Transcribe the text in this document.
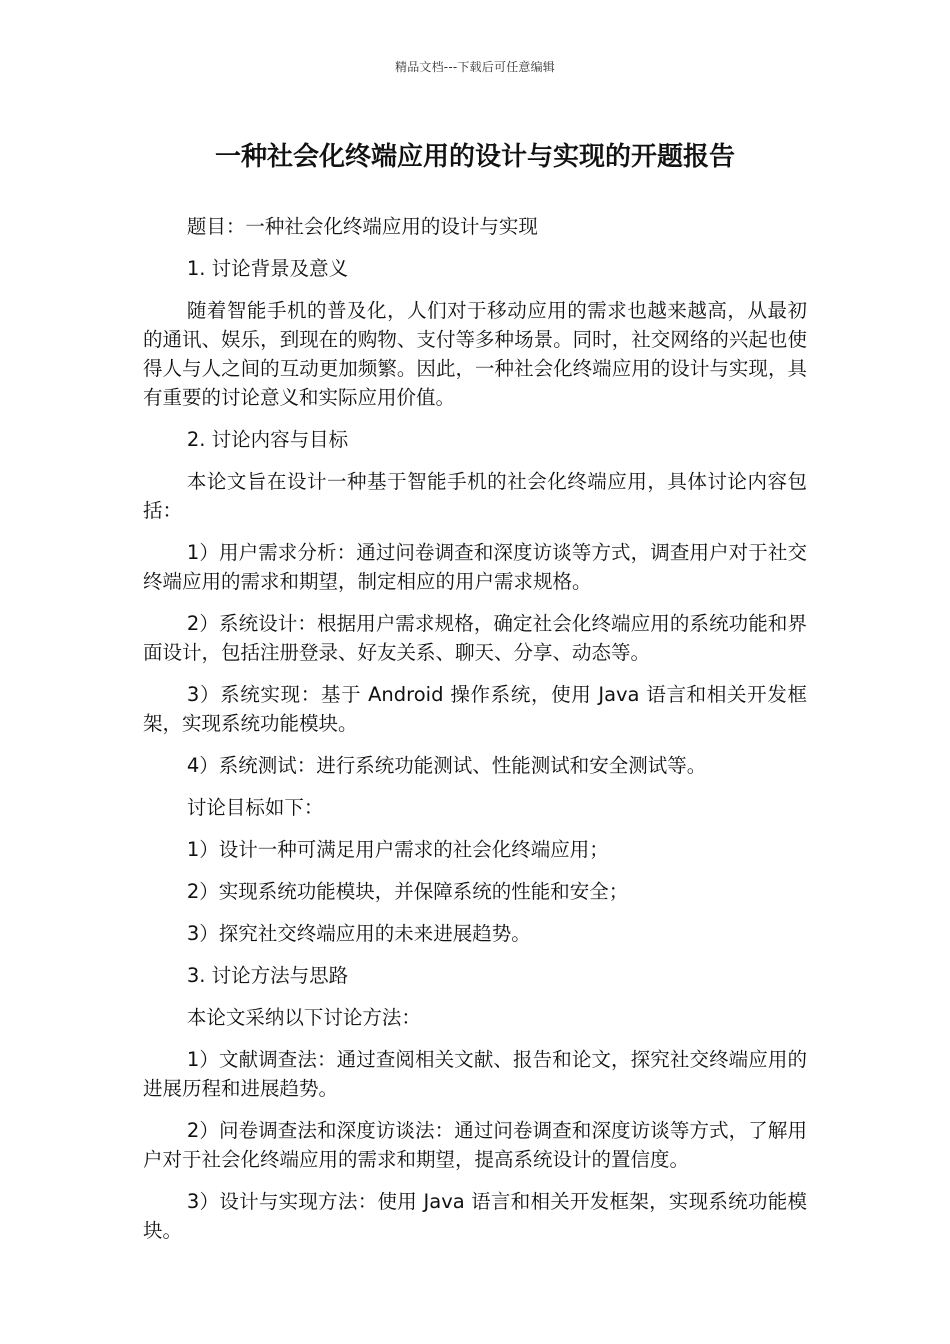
精品文档---下载后可任意编辑
一种社会化终端应用的设计与实现的开题报告

题目：一种社会化终端应用的设计与实现

1. 讨论背景及意义

随着智能手机的普及化，人们对于移动应用的需求也越来越高，从最初的通讯、娱乐，到现在的购物、支付等多种场景。同时，社交网络的兴起也使得人与人之间的互动更加频繁。因此，一种社会化终端应用的设计与实现，具有重要的讨论意义和实际应用价值。

2. 讨论内容与目标

本论文旨在设计一种基于智能手机的社会化终端应用，具体讨论内容包括：

1）用户需求分析：通过问卷调查和深度访谈等方式，调查用户对于社交终端应用的需求和期望，制定相应的用户需求规格。

2）系统设计：根据用户需求规格，确定社会化终端应用的系统功能和界面设计，包括注册登录、好友关系、聊天、分享、动态等。

3）系统实现：基于 Android 操作系统，使用 Java 语言和相关开发框架，实现系统功能模块。

4）系统测试：进行系统功能测试、性能测试和安全测试等。

讨论目标如下：

1）设计一种可满足用户需求的社会化终端应用；

2）实现系统功能模块，并保障系统的性能和安全；

3）探究社交终端应用的未来进展趋势。

3. 讨论方法与思路

本论文采纳以下讨论方法：

1）文献调查法：通过查阅相关文献、报告和论文，探究社交终端应用的进展历程和进展趋势。

2）问卷调查法和深度访谈法：通过问卷调查和深度访谈等方式，了解用户对于社会化终端应用的需求和期望，提高系统设计的置信度。

3）设计与实现方法：使用 Java 语言和相关开发框架，实现系统功能模块。
